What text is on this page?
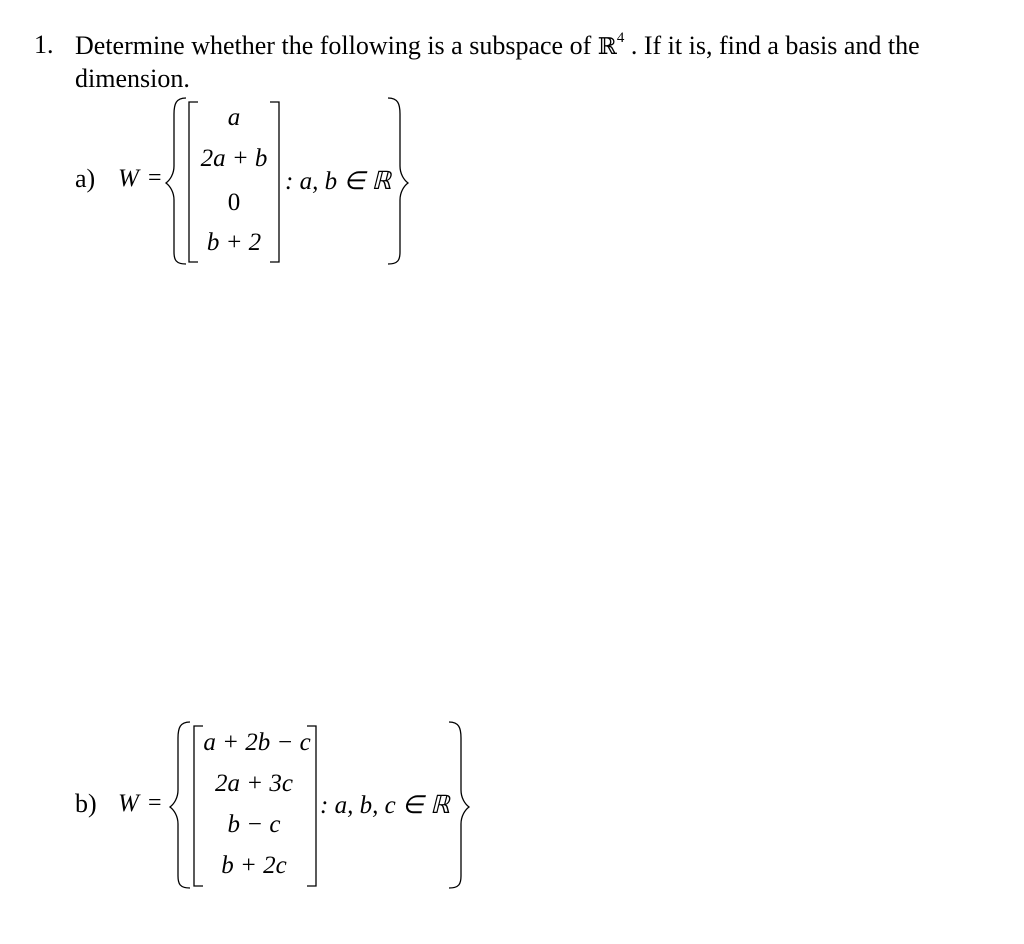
1. Determine whether the following is a subspace of ℝ$^4$ . If it is, find a basis and the
dimension.
a) W =
a
2a + b
0
b + 2
: a, b ∈ ℝ
b) W =
a + 2b − c
2a + 3c
b − c
b + 2c
: a, b, c ∈ ℝ
